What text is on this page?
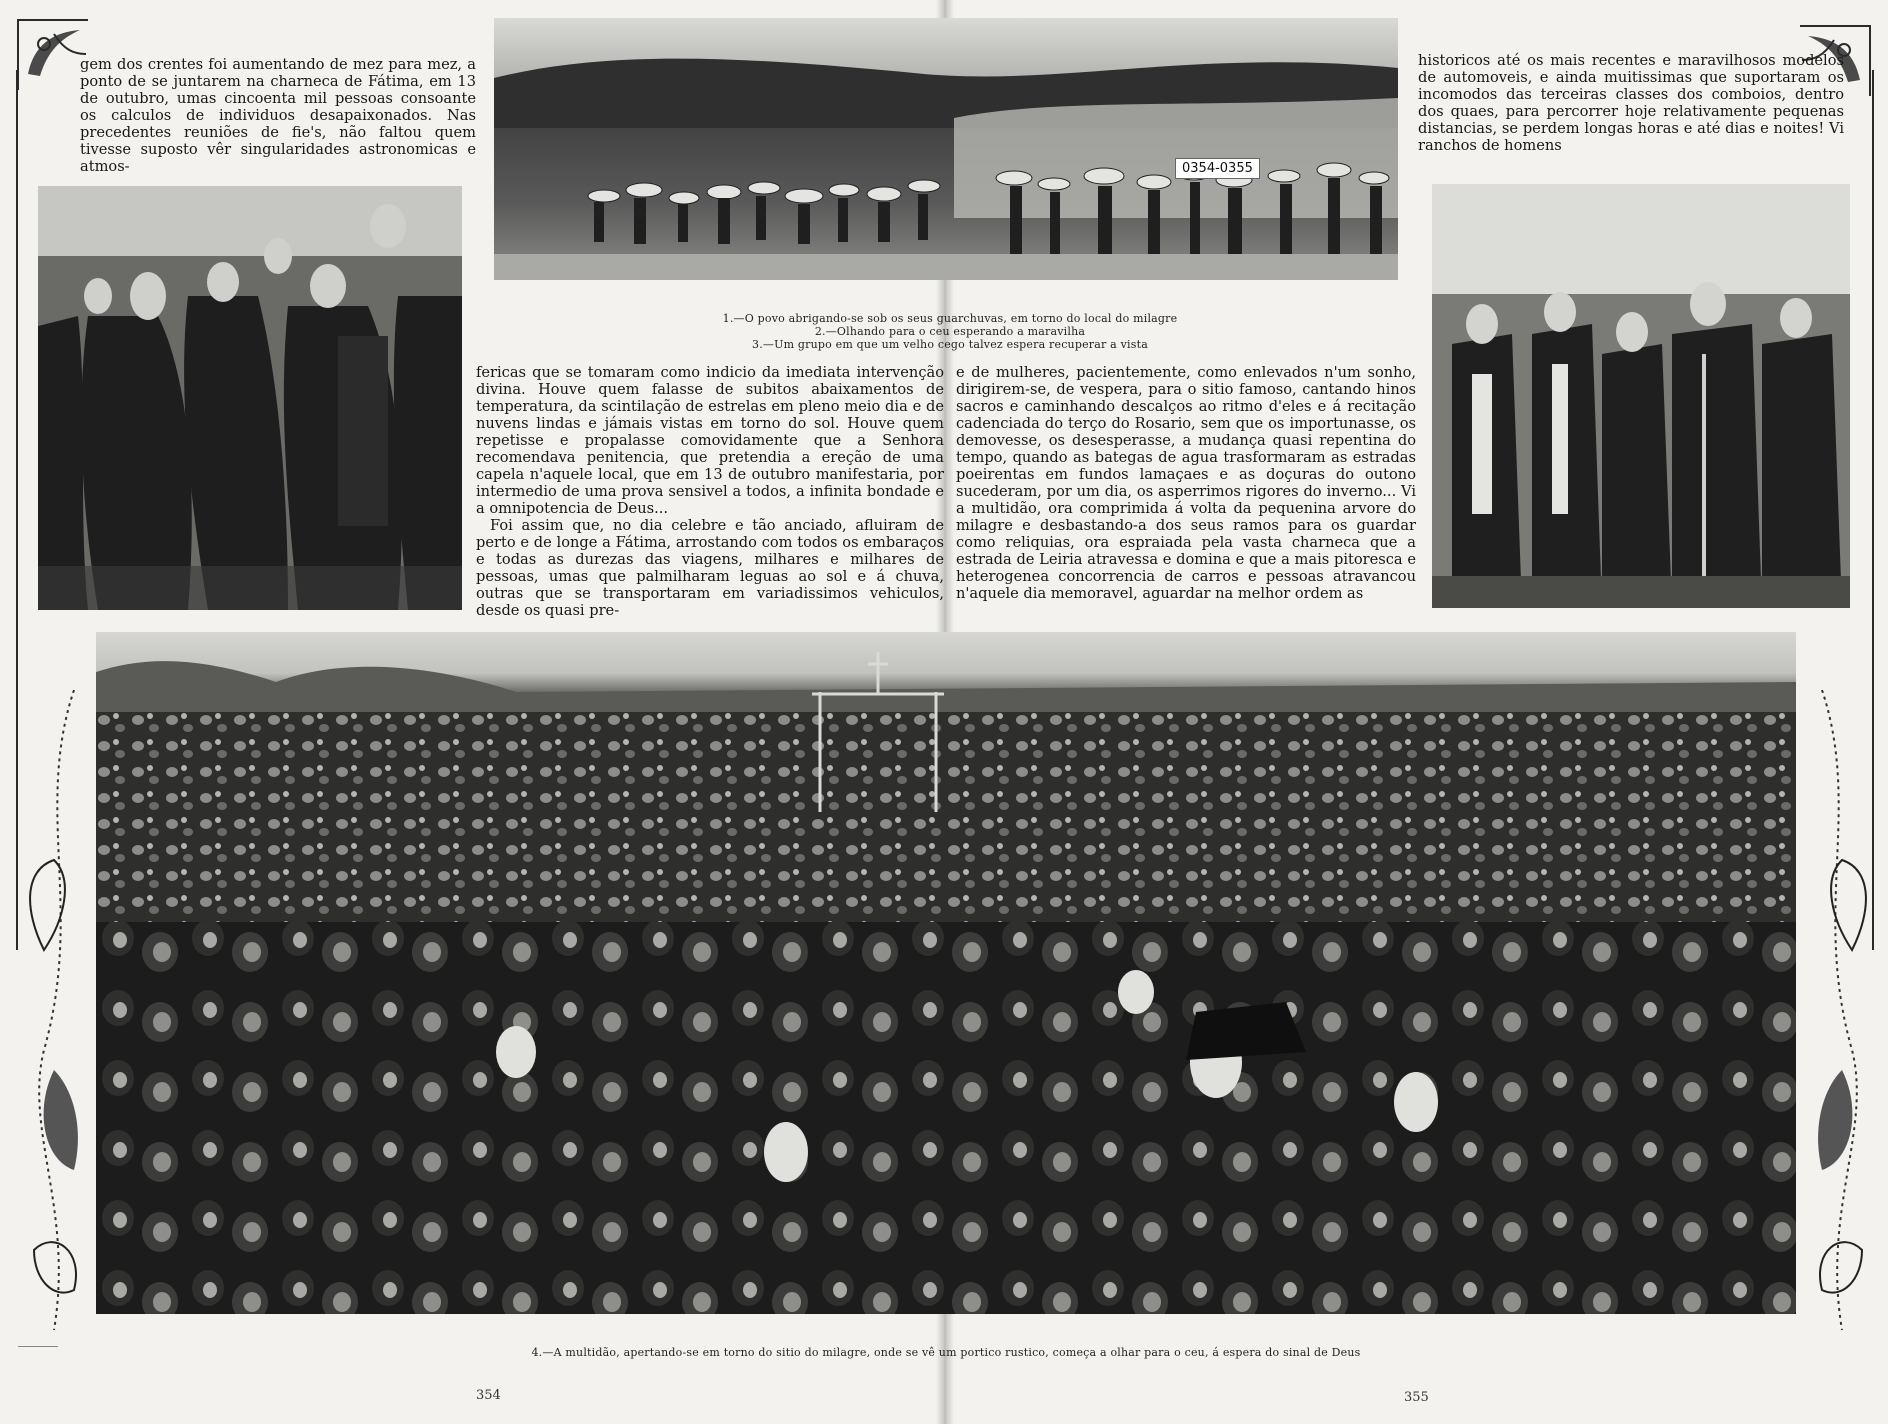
gem dos crentes foi aumentando de mez para mez, a ponto de se juntarem na charneca de Fátima, em 13 de outubro, umas cincoenta mil pessoas consoante os calculos de individuos desapaixonados. Nas precedentes reuniões de fie's, não faltou quem tivesse suposto vêr singularidades astronomicas e atmos-

fericas que se tomaram como indicio da imediata intervenção divina. Houve quem falasse de subitos abaixamentos de temperatura, da scintilação de estrelas em pleno meio dia e de nuvens lindas e jámais vistas em torno do sol. Houve quem repetisse e propalasse comovidamente que a Senhora recomendava penitencia, que pretendia a ereção de uma capela n'aquele local, que em 13 de outubro manifestaria, por intermedio de uma prova sensivel a todos, a infinita bondade e a omnipotencia de Deus...

Foi assim que, no dia celebre e tão anciado, afluiram de perto e de longe a Fátima, arrostando com todos os embaraços e todas as durezas das viagens, milhares e milhares de pessoas, umas que palmilharam leguas ao sol e á chuva, outras que se transportaram em variadissimos vehiculos, desde os quasi pre-

e de mulheres, pacientemente, como enlevados n'um sonho, dirigirem-se, de vespera, para o sitio famoso, cantando hinos sacros e caminhando descalços ao ritmo d'eles e á recitação cadenciada do terço do Rosario, sem que os importunasse, os demovesse, os desesperasse, a mudança quasi repentina do tempo, quando as bategas de agua trasformaram as estradas poeirentas em fundos lamaçaes e as doçuras do outono sucederam, por um dia, os asperrimos rigores do inverno... Vi a multidão, ora comprimida á volta da pequenina arvore do milagre e desbastando-a dos seus ramos para os guardar como reliquias, ora espraiada pela vasta charneca que a estrada de Leiria atravessa e domina e que a mais pitoresca e heterogenea concorrencia de carros e pessoas atravancou n'aquele dia memoravel, aguardar na melhor ordem as

historicos até os mais recentes e maravilhosos modelos de automoveis, e ainda muitissimas que suportaram os incomodos das terceiras classes dos comboios, dentro dos quaes, para percorrer hoje relativamente pequenas distancias, se perdem longas horas e até dias e noites! Vi ranchos de homens

1.—O povo abrigando-se sob os seus guarchuvas, em torno do local do milagre
2.—Olhando para o ceu esperando a maravilha
3.—Um grupo em que um velho cego talvez espera recuperar a vista
4.—A multidão, apertando-se em torno do sitio do milagre, onde se vê um portico rustico, começa a olhar para o ceu, á espera do sinal de Deus
354	355
0354-0355
